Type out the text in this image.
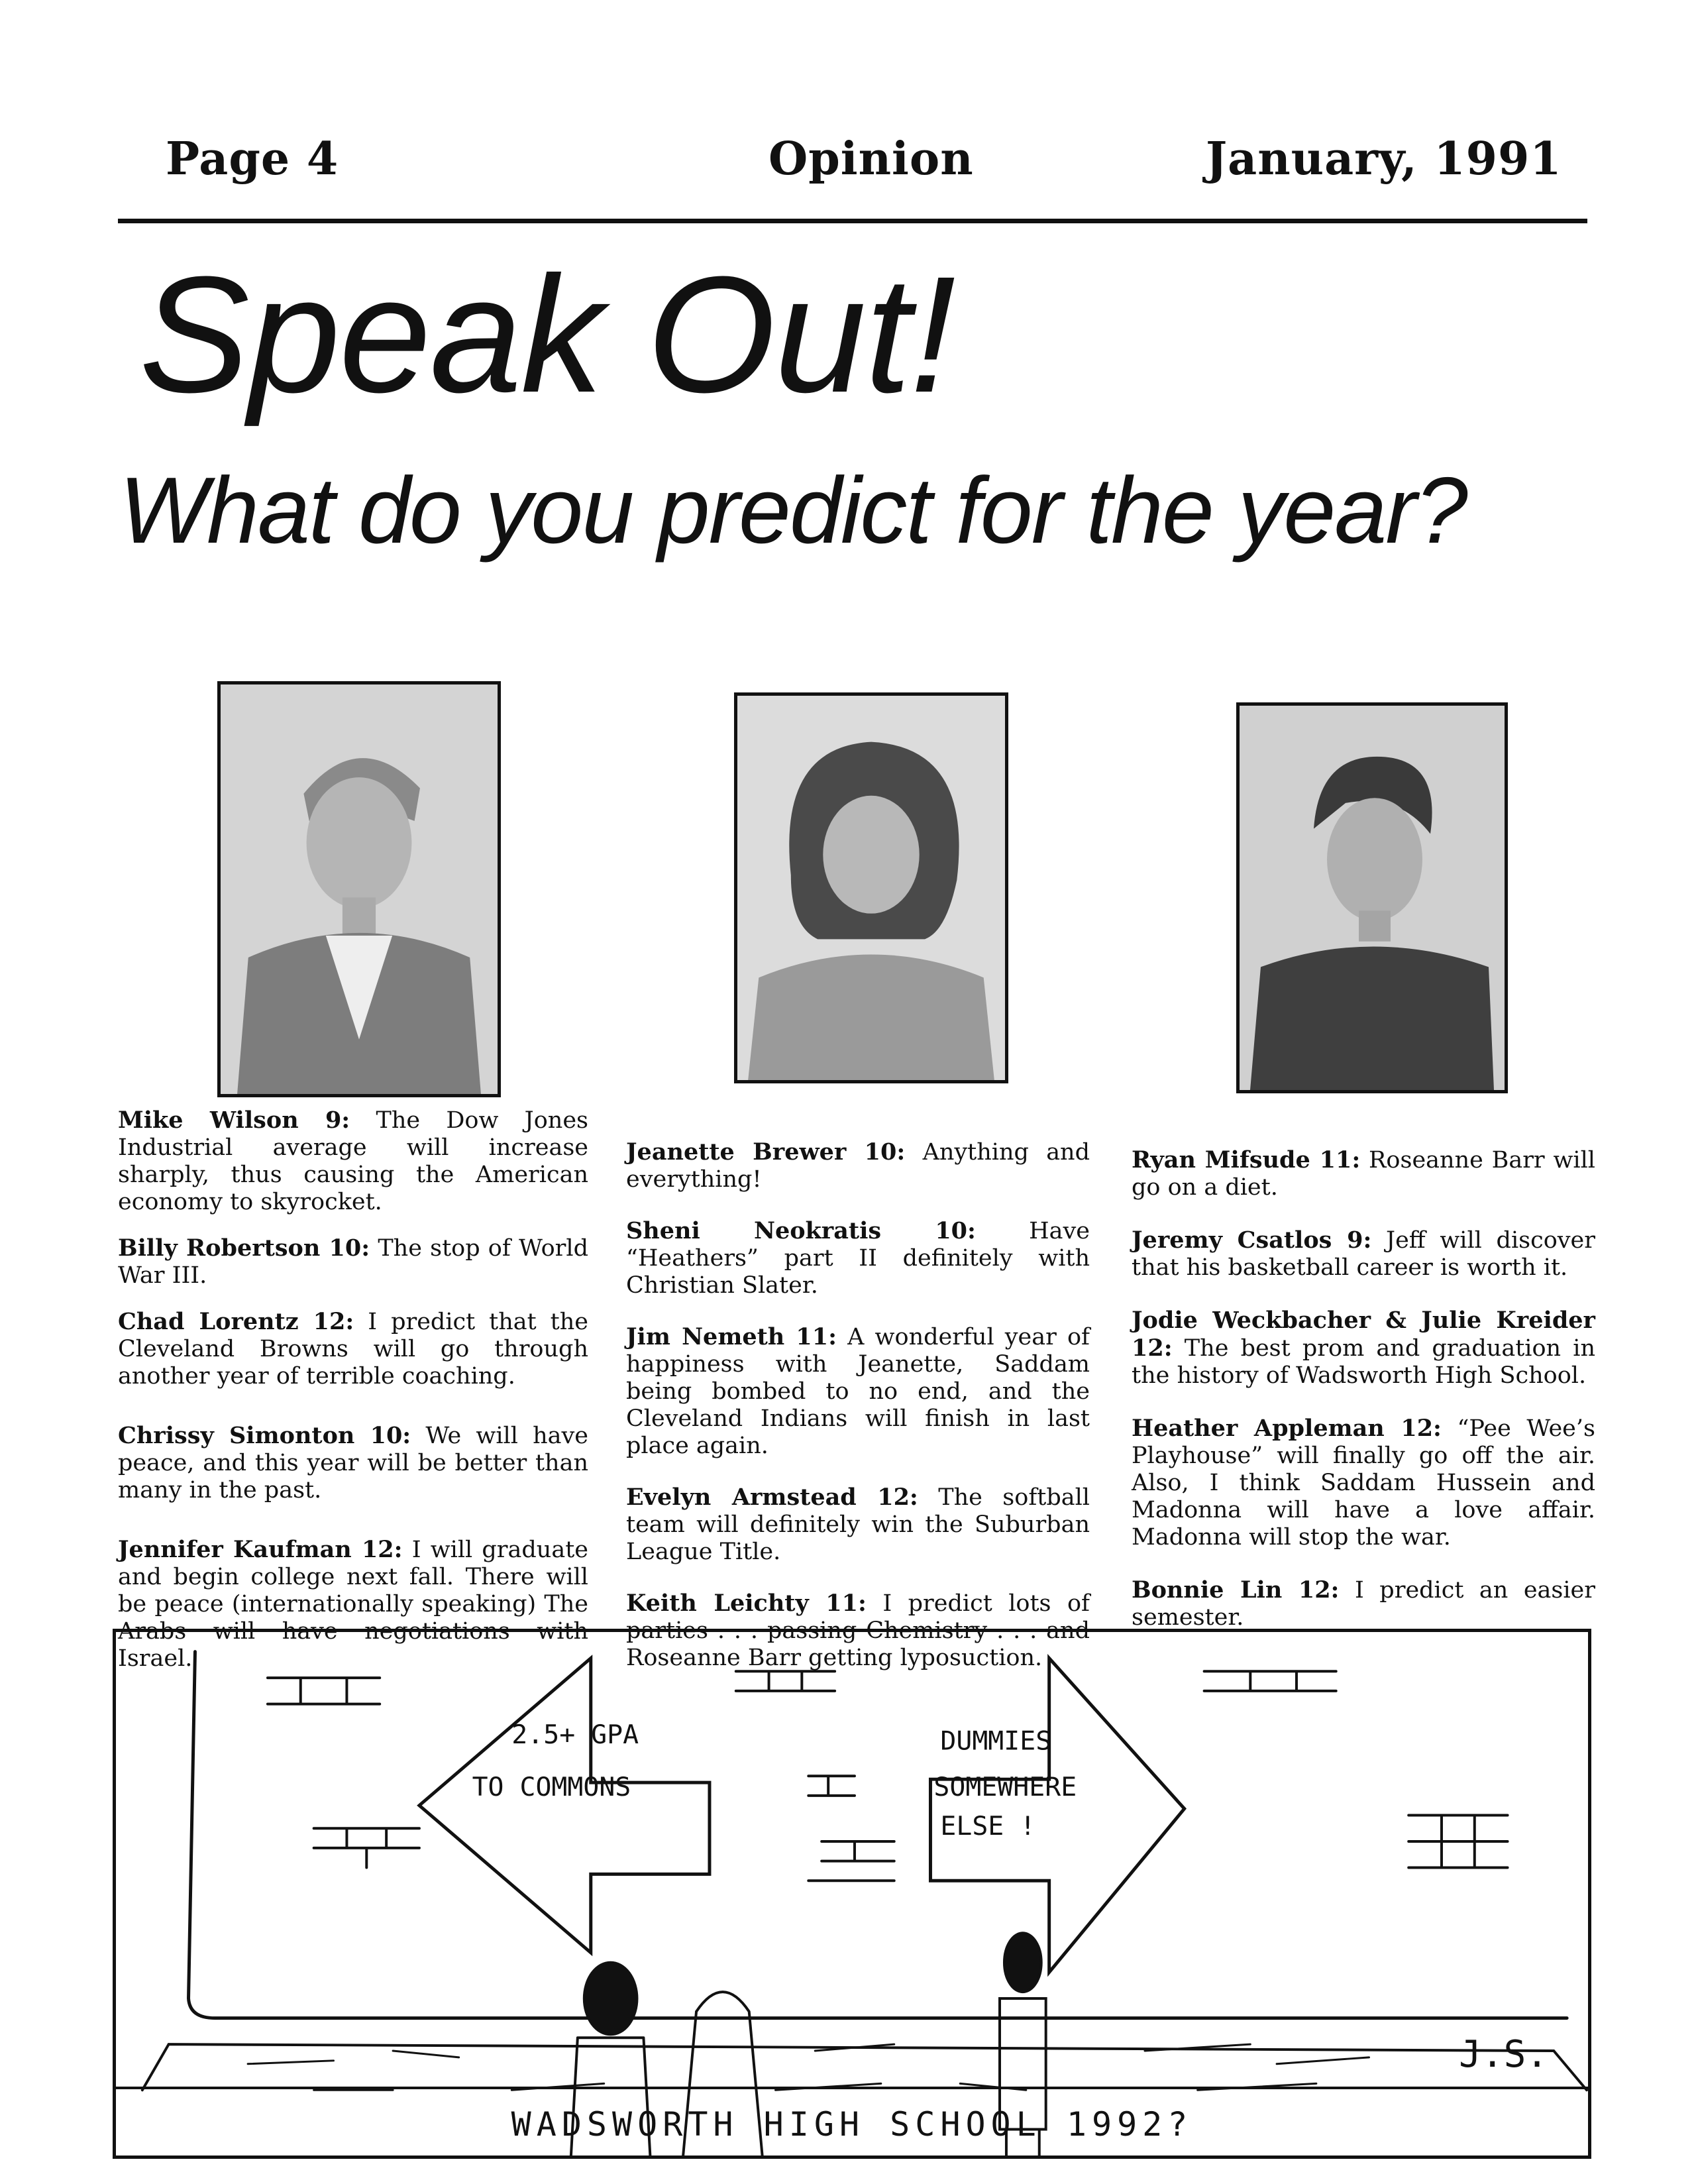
Page 4	Opinion	January, 1991
Speak Out!
What do you predict for the year?

Mike Wilson 9: The Dow Jones Industrial average will increase sharply, thus causing the American economy to skyrocket.

Billy Robertson 10: The stop of World War III.

Chad Lorentz 12: I predict that the Cleveland Browns will go through another year of terrible coaching.

Chrissy Simonton 10: We will have peace, and this year will be better than many in the past.

Jennifer Kaufman 12: I will graduate and begin college next fall. There will be peace (internationally speaking) The Arabs will have negotiations with Israel.

Jeanette Brewer 10: Anything and everything!

Sheni Neokratis 10: Have “Heathers” part II definitely with Christian Slater.

Jim Nemeth 11: A wonderful year of happiness with Jeanette, Saddam being bombed to no end, and the Cleveland Indians will finish in last place again.

Evelyn Armstead 12: The softball team will definitely win the Suburban League Title.

Keith Leichty 11: I predict lots of parties . . . passing Chemistry . . . and Roseanne Barr getting lyposuction.

Ryan Mifsude 11: Roseanne Barr will go on a diet.

Jeremy Csatlos 9: Jeff will discover that his basketball career is worth it.

Jodie Weckbacher & Julie Kreider 12: The best prom and graduation in the history of Wadsworth High School.

Heather Appleman 12: “Pee Wee’s Playhouse” will finally go off the air. Also, I think Saddam Hussein and Madonna will have a love affair. Madonna will stop the war.

Bonnie Lin 12: I predict an easier semester.

2.5+ GPA
TO COMMONS
DUMMIES
SOMEWHERE
ELSE !
J.S.
WADSWORTH HIGH SCHOOL 1992?
